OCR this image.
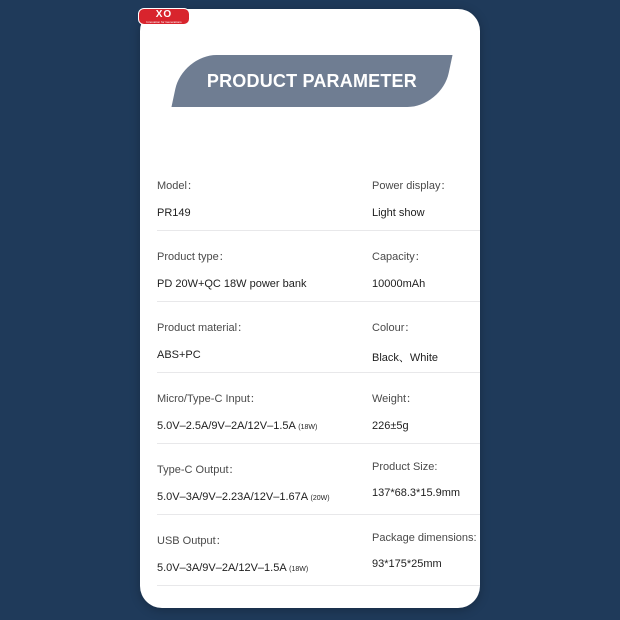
XO
Innovation for Generations
PRODUCT PARAMETER
Model：
PR149
Power display：
Light show
Product type：
PD 20W+QC 18W power bank
Capacity：
10000mAh
Product material：
ABS+PC
Colour：
Black、White
Micro/Type-C Input：
5.0V–2.5A/9V–2A/12V–1.5A (18W)
Weight：
226±5g
Type-C Output：
5.0V–3A/9V–2.23A/12V–1.67A (20W)
Product Size:
137*68.3*15.9mm
USB Output：
5.0V–3A/9V–2A/12V–1.5A (18W)
Package dimensions:
93*175*25mm
